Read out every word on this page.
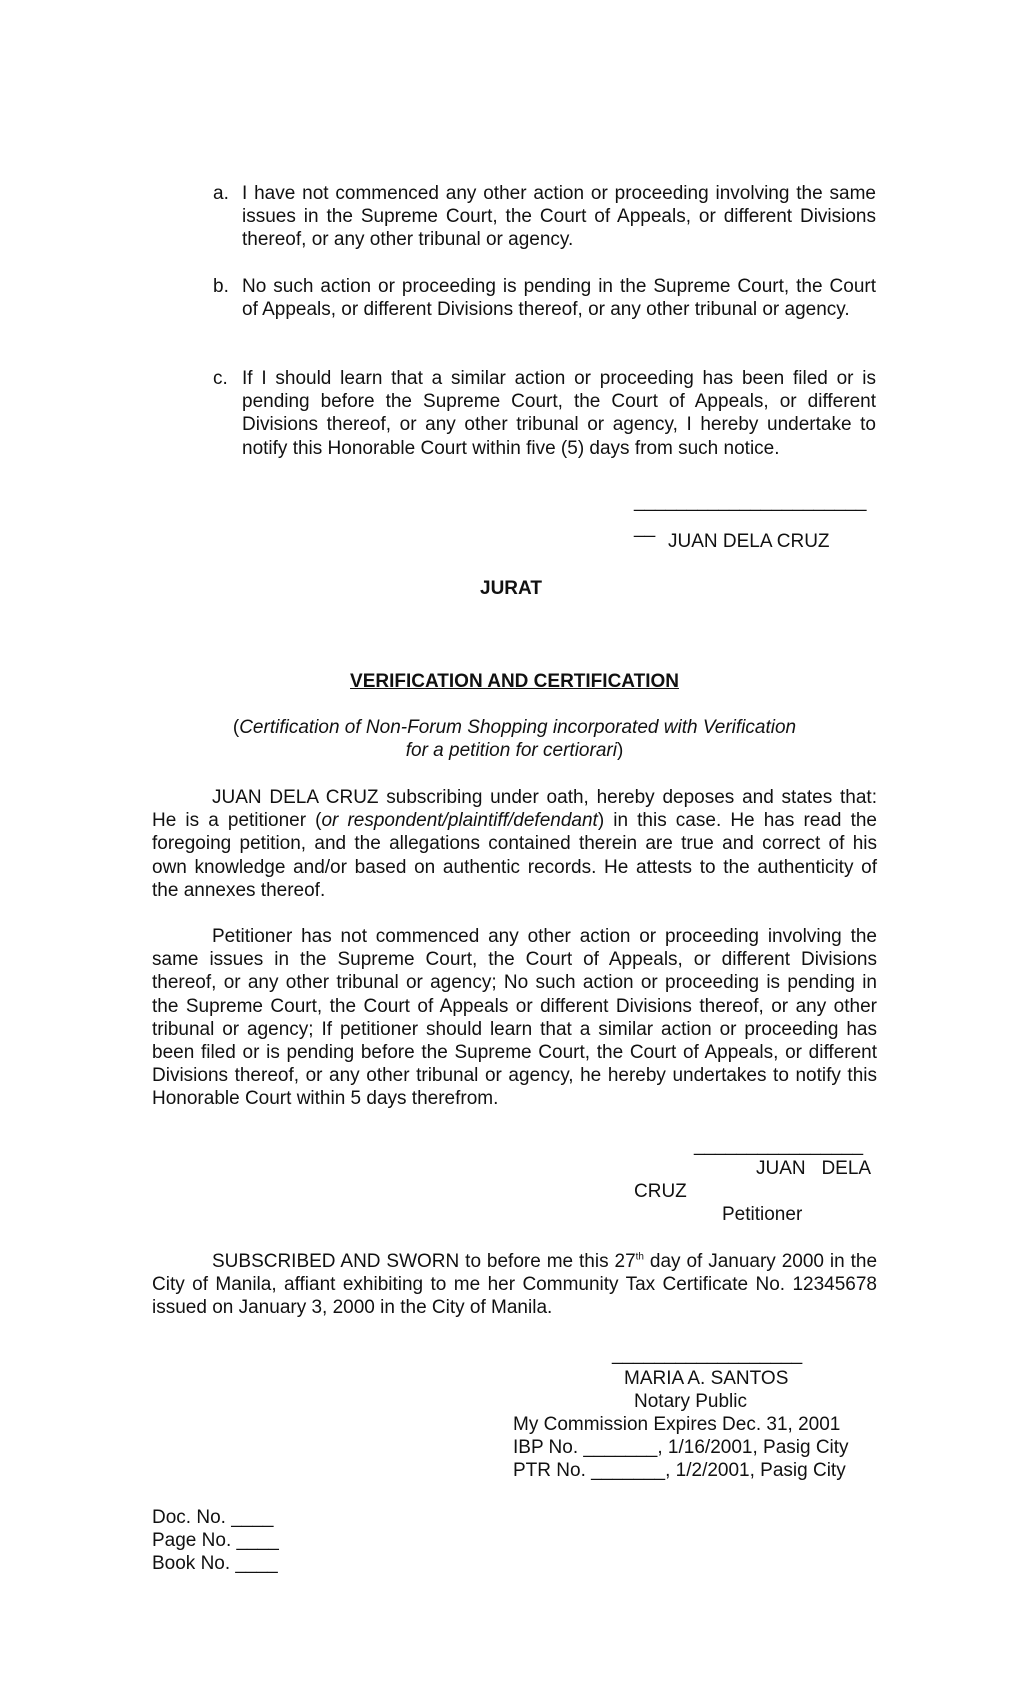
a. I have not commenced any other action or proceeding involving the same issues in the Supreme Court, the Court of Appeals, or different Divisions thereof, or any other tribunal or agency.
b. No such action or proceeding is pending in the Supreme Court, the Court of Appeals, or different Divisions thereof, or any other tribunal or agency.
c. If I should learn that a similar action or proceeding has been filed or is pending before the Supreme Court, the Court of Appeals, or different Divisions thereof, or any other tribunal or agency, I hereby undertake to notify this Honorable Court within five (5) days from such notice.
______________________
__
JUAN DELA CRUZ
JURAT
VERIFICATION AND CERTIFICATION
(Certification of Non-Forum Shopping incorporated with Verification
for a petition for certiorari)
JUAN DELA CRUZ subscribing under oath, hereby deposes and states that: He is a petitioner (or respondent/plaintiff/defendant) in this case. He has read the foregoing petition, and the allegations contained therein are true and correct of his own knowledge and/or based on authentic records. He attests to the authenticity of the annexes thereof.
Petitioner has not commenced any other action or proceeding involving the same issues in the Supreme Court, the Court of Appeals, or different Divisions thereof, or any other tribunal or agency; No such action or proceeding is pending in the Supreme Court, the Court of Appeals or different Divisions thereof, or any other tribunal or agency; If petitioner should learn that a similar action or proceeding has been filed or is pending before the Supreme Court, the Court of Appeals, or different Divisions thereof, or any other tribunal or agency, he hereby undertakes to notify this Honorable Court within 5 days therefrom.
________________
JUAN   DELA
CRUZ
Petitioner
SUBSCRIBED AND SWORN to before me this 27th day of January 2000 in the City of Manila, affiant exhibiting to me her Community Tax Certificate No. 12345678 issued on January 3, 2000 in the City of Manila.
__________________
MARIA A. SANTOS
Notary Public
My Commission Expires Dec. 31, 2001
IBP No. _______, 1/16/2001, Pasig City
PTR No. _______, 1/2/2001, Pasig City
Doc. No. ____
Page No. ____
Book No. ____
